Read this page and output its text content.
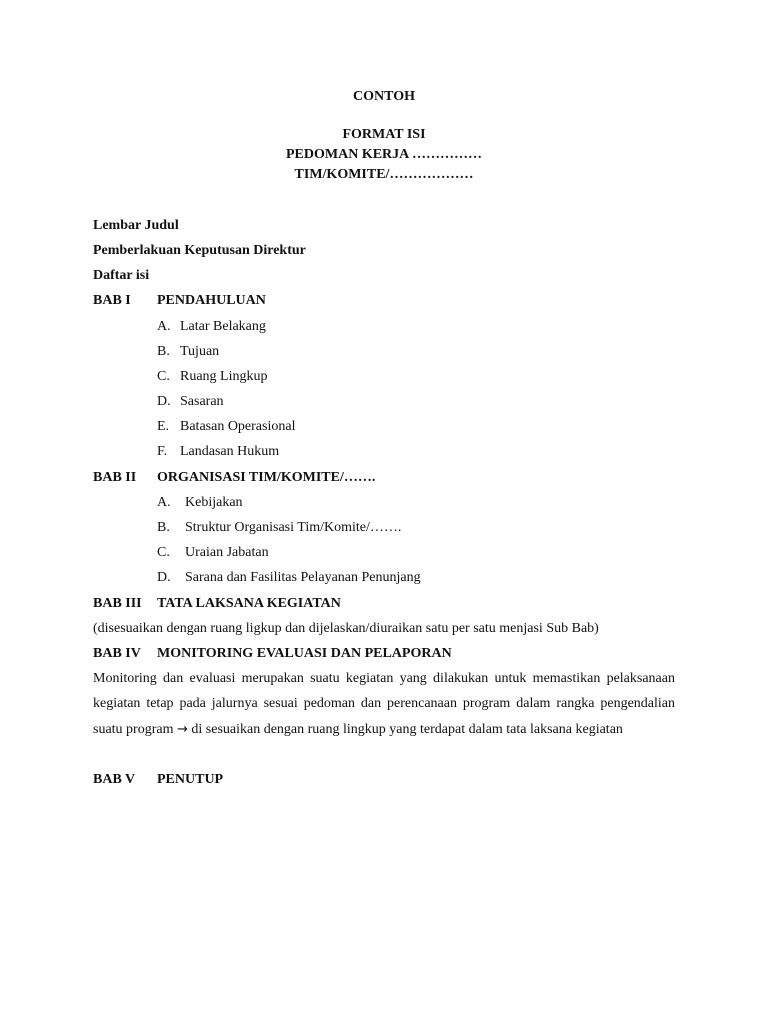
CONTOH
FORMAT ISI
PEDOMAN KERJA ……………
TIM/KOMITE/………………
Lembar Judul
Pemberlakuan Keputusan Direktur
Daftar isi
BAB I PENDAHULUAN
A. Latar Belakang
B. Tujuan
C. Ruang Lingkup
D. Sasaran
E. Batasan Operasional
F. Landasan Hukum
BAB II ORGANISASI TIM/KOMITE/…….
A. Kebijakan
B. Struktur Organisasi Tim/Komite/…….
C. Uraian Jabatan
D. Sarana dan Fasilitas Pelayanan Penunjang
BAB III TATA LAKSANA KEGIATAN
(disesuaikan dengan ruang ligkup dan dijelaskan/diuraikan satu per satu menjasi Sub Bab)
BAB IV MONITORING EVALUASI DAN PELAPORAN
Monitoring dan evaluasi merupakan suatu kegiatan yang dilakukan untuk memastikan pelaksanaan kegiatan tetap pada jalurnya sesuai pedoman dan perencanaan program dalam rangka pengendalian suatu program → di sesuaikan dengan ruang lingkup yang terdapat dalam tata laksana kegiatan
BAB V PENUTUP
